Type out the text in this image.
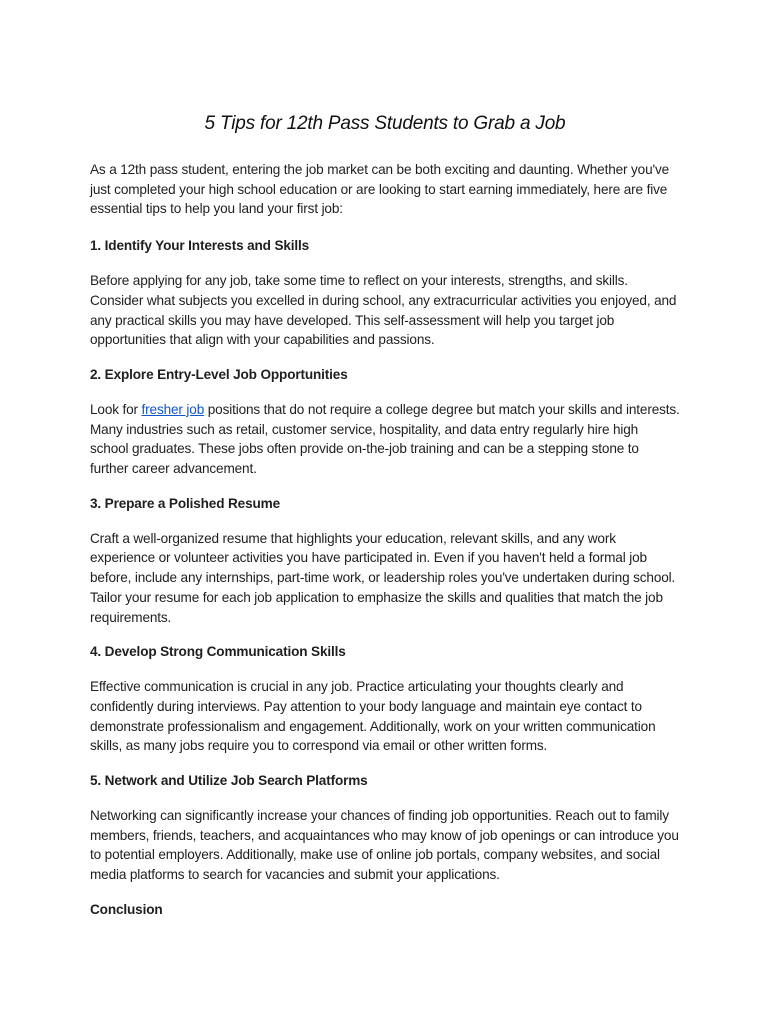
5 Tips for 12th Pass Students to Grab a Job

As a 12th pass student, entering the job market can be both exciting and daunting. Whether you've just completed your high school education or are looking to start earning immediately, here are five essential tips to help you land your first job:

1. Identify Your Interests and Skills

Before applying for any job, take some time to reflect on your interests, strengths, and skills. Consider what subjects you excelled in during school, any extracurricular activities you enjoyed, and any practical skills you may have developed. This self-assessment will help you target job opportunities that align with your capabilities and passions.

2. Explore Entry-Level Job Opportunities

Look for fresher job positions that do not require a college degree but match your skills and interests. Many industries such as retail, customer service, hospitality, and data entry regularly hire high school graduates. These jobs often provide on-the-job training and can be a stepping stone to further career advancement.

3. Prepare a Polished Resume

Craft a well-organized resume that highlights your education, relevant skills, and any work experience or volunteer activities you have participated in. Even if you haven't held a formal job before, include any internships, part-time work, or leadership roles you've undertaken during school. Tailor your resume for each job application to emphasize the skills and qualities that match the job requirements.

4. Develop Strong Communication Skills

Effective communication is crucial in any job. Practice articulating your thoughts clearly and confidently during interviews. Pay attention to your body language and maintain eye contact to demonstrate professionalism and engagement. Additionally, work on your written communication skills, as many jobs require you to correspond via email or other written forms.

5. Network and Utilize Job Search Platforms

Networking can significantly increase your chances of finding job opportunities. Reach out to family members, friends, teachers, and acquaintances who may know of job openings or can introduce you to potential employers. Additionally, make use of online job portals, company websites, and social media platforms to search for vacancies and submit your applications.

Conclusion
